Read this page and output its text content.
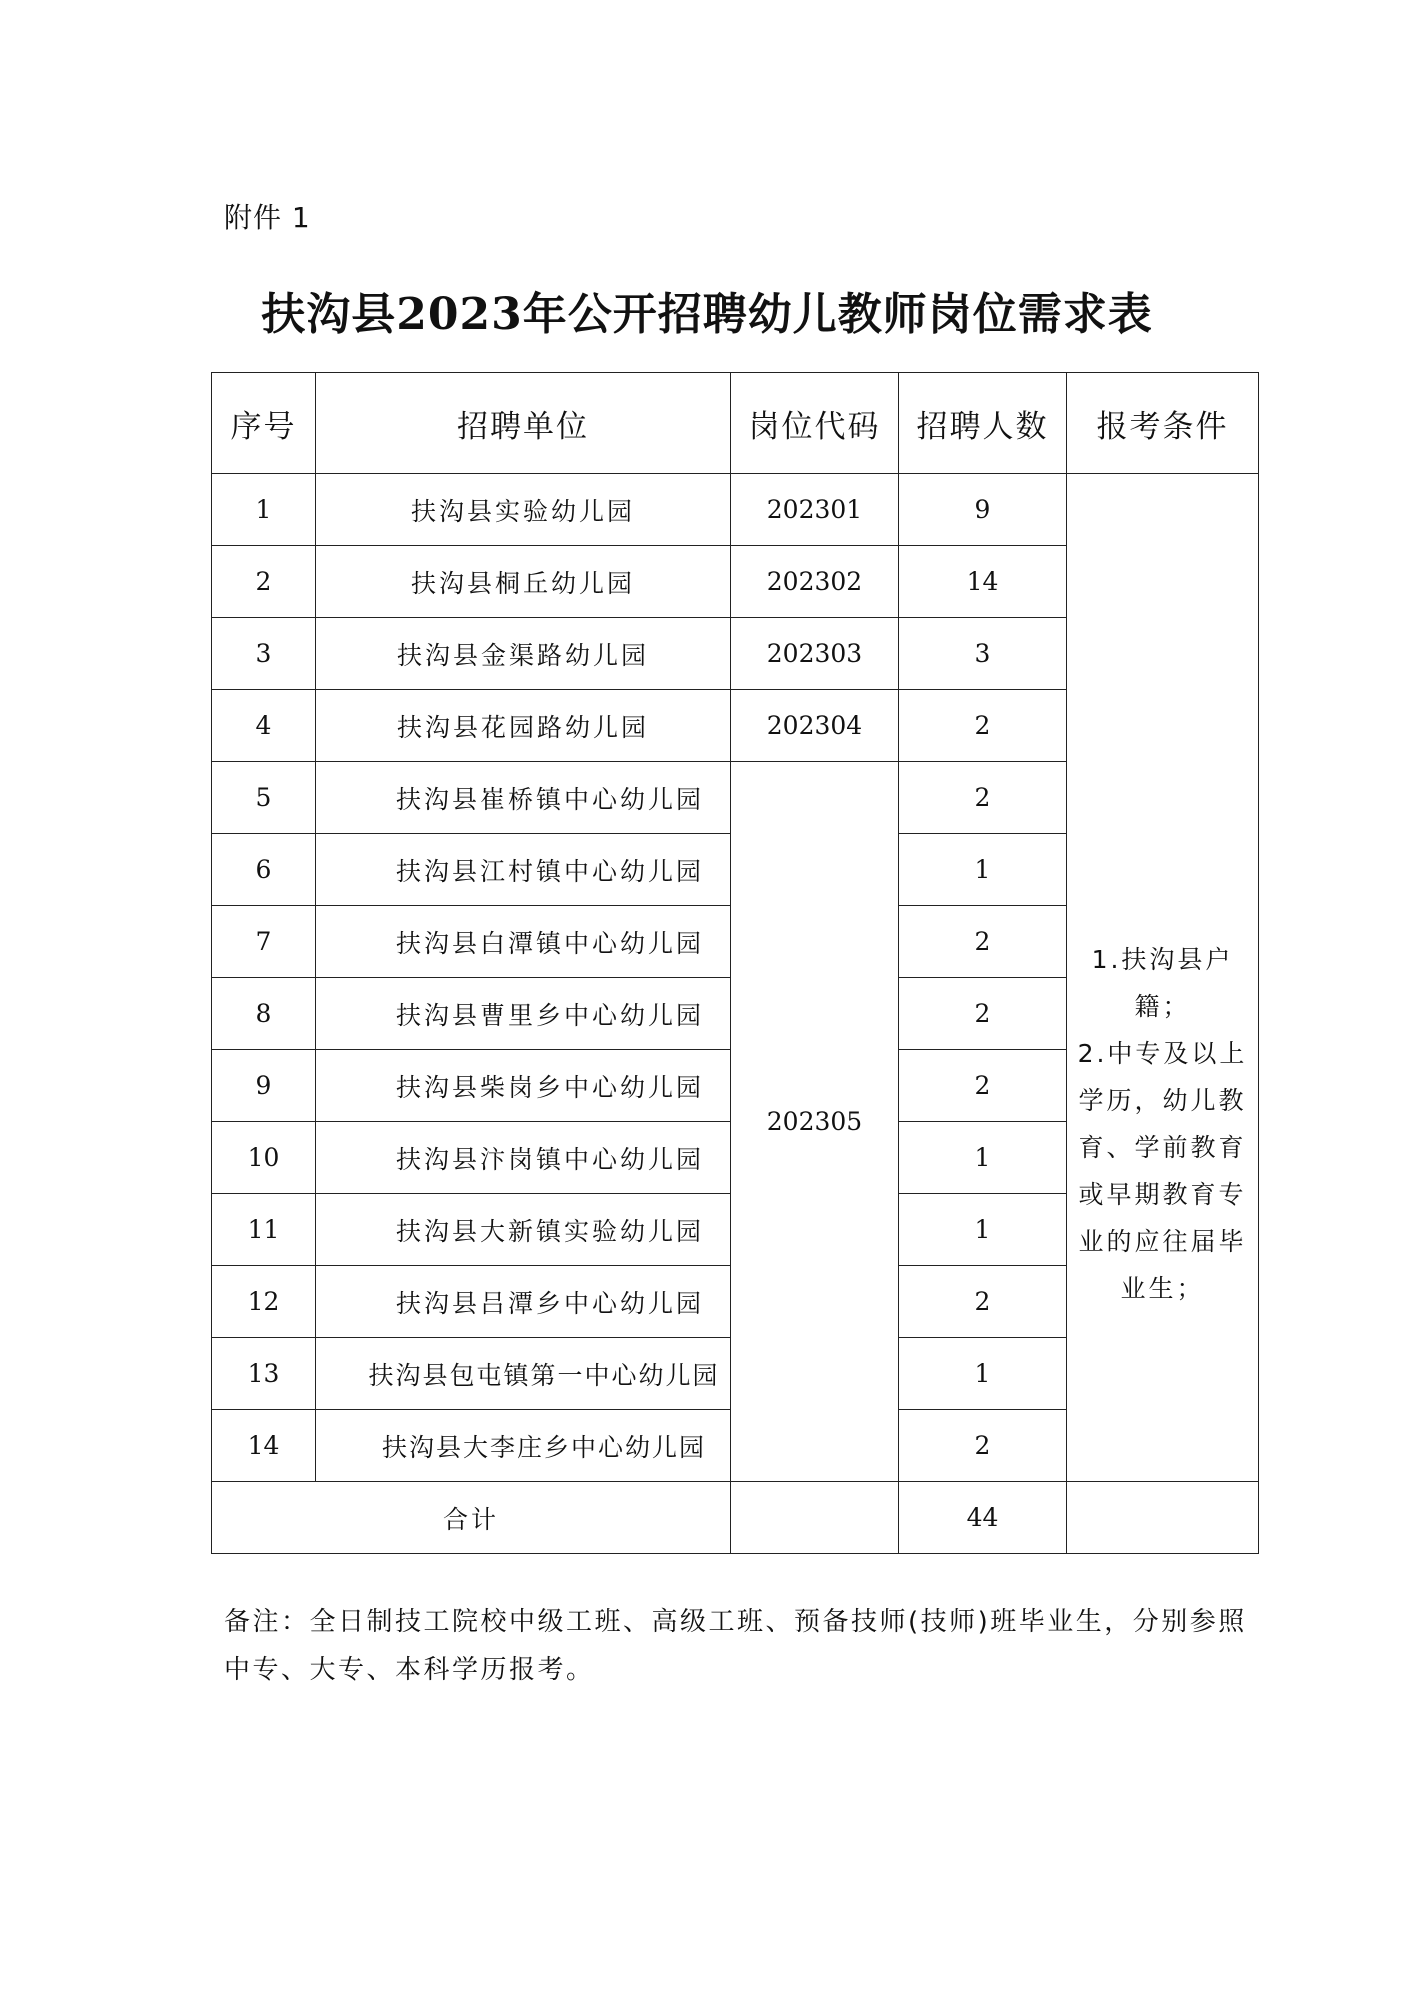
附件 1
扶沟县2023年公开招聘幼儿教师岗位需求表
序号	招聘单位	岗位代码	招聘人数	报考条件
1	扶沟县实验幼儿园	202301	9	1.扶沟县户籍；
2.中专及以上学历，幼儿教育、学前教育或早期教育专业的应往届毕业生；

2	扶沟县桐丘幼儿园	202302	14	
3	扶沟县金渠路幼儿园	202303	3	
4	扶沟县花园路幼儿园	202304	2	
5	扶沟县崔桥镇中心幼儿园	202305	2	
6	扶沟县江村镇中心幼儿园		1	
7	扶沟县白潭镇中心幼儿园		2	
8	扶沟县曹里乡中心幼儿园		2	
9	扶沟县柴岗乡中心幼儿园		2	
10	扶沟县汴岗镇中心幼儿园		1	
11	扶沟县大新镇实验幼儿园		1	
12	扶沟县吕潭乡中心幼儿园		2	
13	扶沟县包屯镇第一中心幼儿园		1	
14	扶沟县大李庄乡中心幼儿园		2	
合计			44	
备注：全日制技工院校中级工班、高级工班、预备技师(技师)班毕业生，分别参照中专、大专、本科学历报考。
